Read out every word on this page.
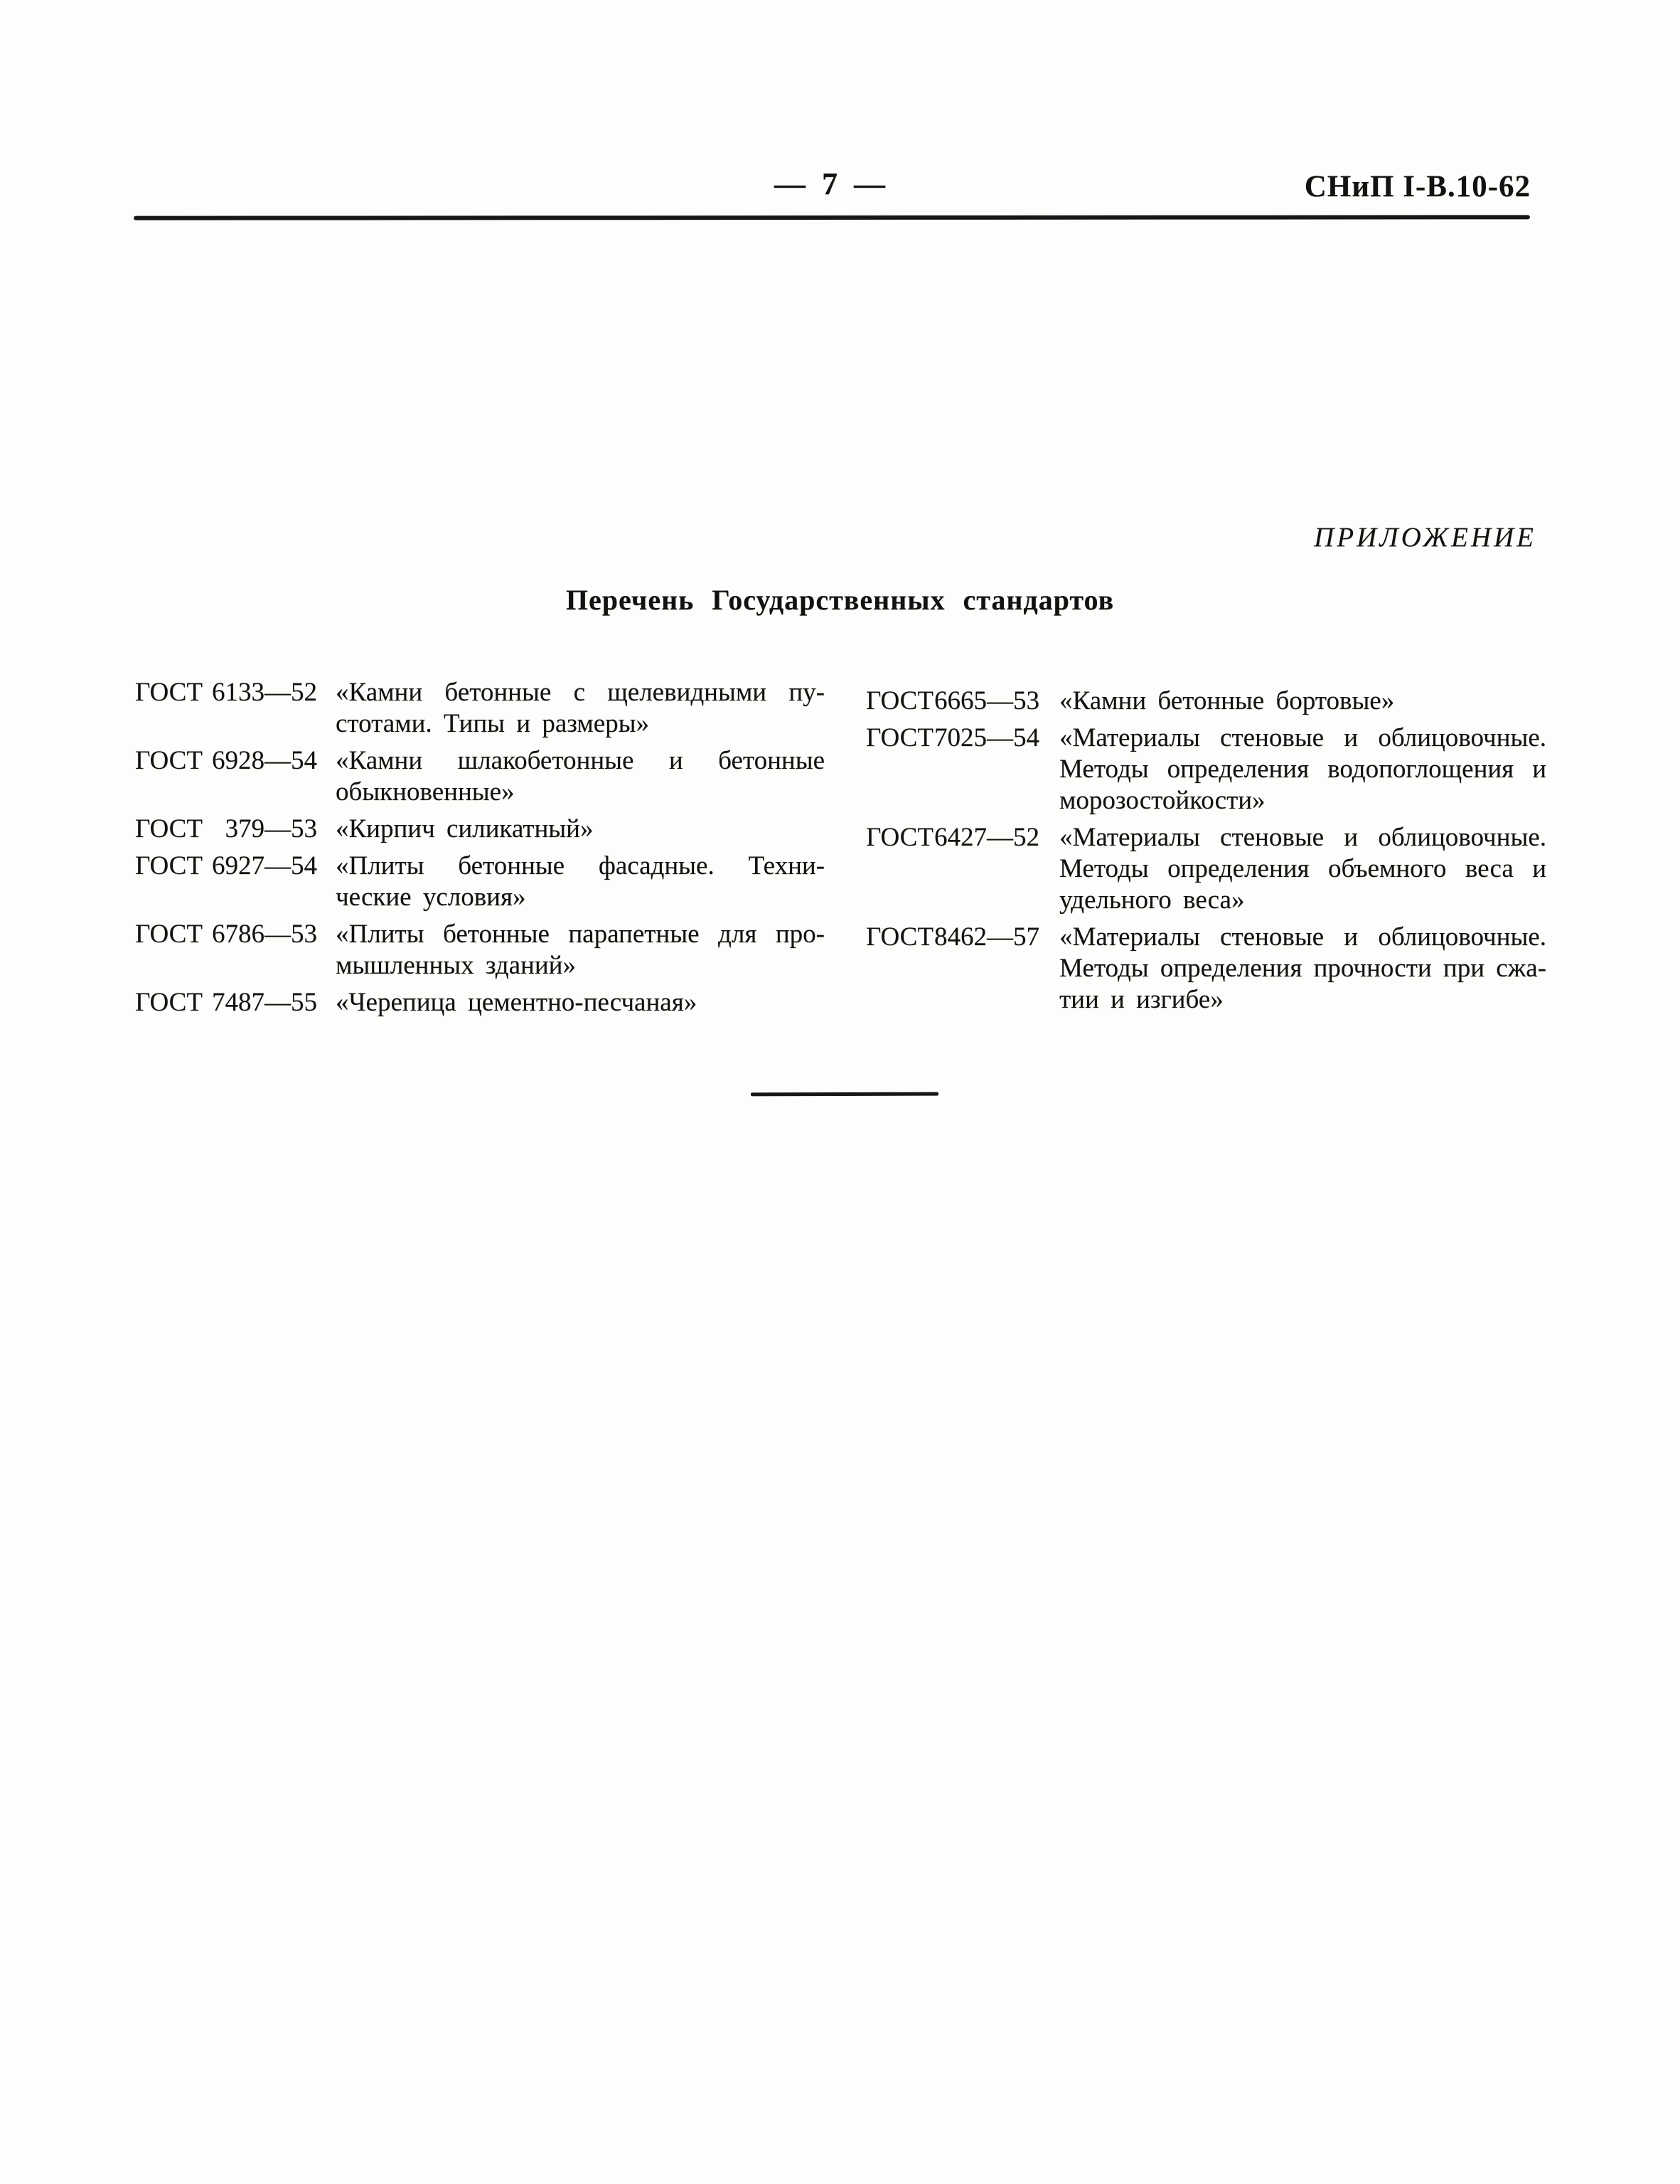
— 7 —	СНиП I-В.10-62
ПРИЛОЖЕНИЕ
Перечень Государственных стандартов
ГОСТ 6133—52 «Камни бетонные с щелевидными пу-
стотами. Типы и размеры»
ГОСТ 6928—54 «Камни шлакобетонные и бетонные
обыкновенные»
ГОСТ 379—53 «Кирпич силикатный»
ГОСТ 6927—54 «Плиты бетонные фасадные. Техни-
ческие условия»
ГОСТ 6786—53 «Плиты бетонные парапетные для про-
мышленных зданий»
ГОСТ 7487—55 «Черепица цементно-песчаная»
ГОСТ 6665—53 «Камни бетонные бортовые»
ГОСТ 7025—54 «Материалы стеновые и облицовочные.
Методы определения водопоглощения и
морозостойкости»
ГОСТ 6427—52 «Материалы стеновые и облицовочные.
Методы определения объемного веса и
удельного веса»
ГОСТ 8462—57 «Материалы стеновые и облицовочные.
Методы определения прочности при сжа-
тии и изгибе»
